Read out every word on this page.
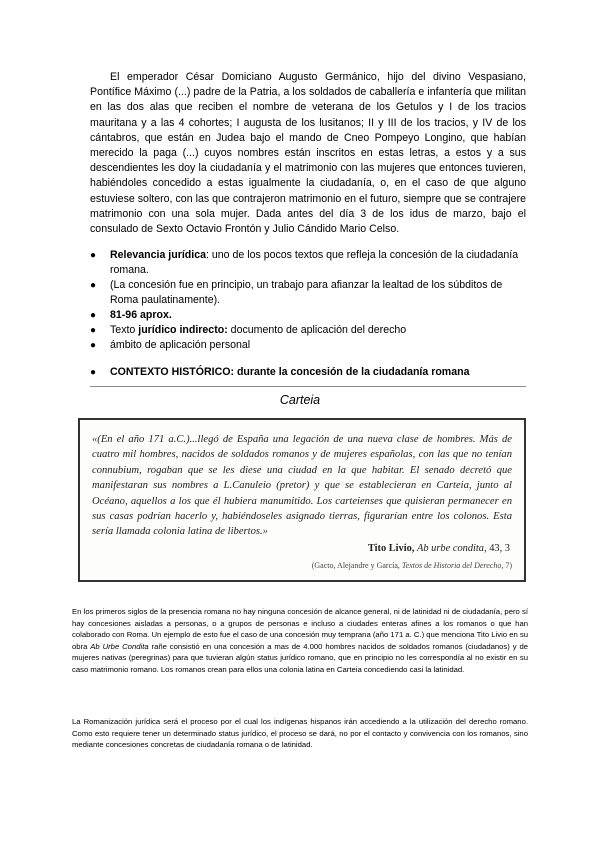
El emperador César Domiciano Augusto Germánico, hijo del divino Vespasiano, Pontífice Máximo (...) padre de la Patria, a los soldados de caballería e infantería que militan en las dos alas que reciben el nombre de veterana de los Getulos y I de los tracios mauritana y a las 4 cohortes; I augusta de los lusitanos; II y III de los tracios, y IV de los cántabros, que están en Judea bajo el mando de Cneo Pompeyo Longino, que habían merecido la paga (...) cuyos nombres están inscritos en estas letras, a estos y a sus descendientes les doy la ciudadanía y el matrimonio con las mujeres que entonces tuvieren, habiéndoles concedido a estas igualmente la ciudadanía, o, en el caso de que alguno estuviese soltero, con las que contrajeron matrimonio en el futuro, siempre que se contrajere matrimonio con una sola mujer. Dada antes del día 3 de los idus de marzo, bajo el consulado de Sexto Octavio Frontón y Julio Cándido Mario Celso.

●	Relevancia jurídica: uno de los pocos textos que refleja la concesión de la ciudadanía romana.
●	(La concesión fue en principio, un trabajo para afianzar la lealtad de los súbditos de Roma paulatinamente).
●	81-96 aprox.
●	Texto jurídico indirecto: documento de aplicación del derecho
●	ámbito de aplicación personal

● CONTEXTO HISTÓRICO: durante la concesión de la ciudadanía romana

Carteia

«(En el año 171 a.C.)...llegó de España una legación de una nueva clase de hombres. Más de cuatro mil hombres, nacidos de soldados romanos y de mujeres españolas, con las que no tenían connubium, rogaban que se les diese una ciudad en la que habitar. El senado decretó que manifestaran sus nombres a L.Canuleio (pretor) y que se establecieran en Carteia, junto al Océano, aquellos a los que él hubiera manumitido. Los carteienses que quisieran permanecer en sus casas podrían hacerlo y, habiéndoseles asignado tierras, figurarían entre los colonos. Esta sería llamada colonia latina de libertos.»

Tito Livio, Ab urbe condita, 43, 3
(Gacto, Alejandre y García, Textos de Historia del Derecho, 7)

En los primeros siglos de la presencia romana no hay ninguna concesión de alcance general, ni de latinidad ni de ciudadanía, pero sí hay concesiones aisladas a personas, o a grupos de personas e incluso a ciudades enteras afines a los romanos o que han colaborado con Roma. Un ejemplo de esto fue el caso de una concesión muy temprana (año 171 a. C.) que menciona Tito Livio en su obra Ab Urbe Condita rañe consistió en una concesión a mas de 4.000 hombres nacidos de soldados romanos (ciudadanos) y de mujeres nativas (peregrinas) para que tuvieran algún status jurídico romano, que en principio no les correspondía al no existir en su caso matrimonio romano. Los romanos crean para ellos una colonia latina en Carteia concediendo casi la latinidad.

La Romanización jurídica será el proceso por el cual los indígenas hispanos irán accediendo a la utilización del derecho romano. Como esto requiere tener un determinado status jurídico, el proceso se dará, no por el contacto y convivencia con los romanos, sino mediante concesiones concretas de ciudadanía romana o de latinidad.
